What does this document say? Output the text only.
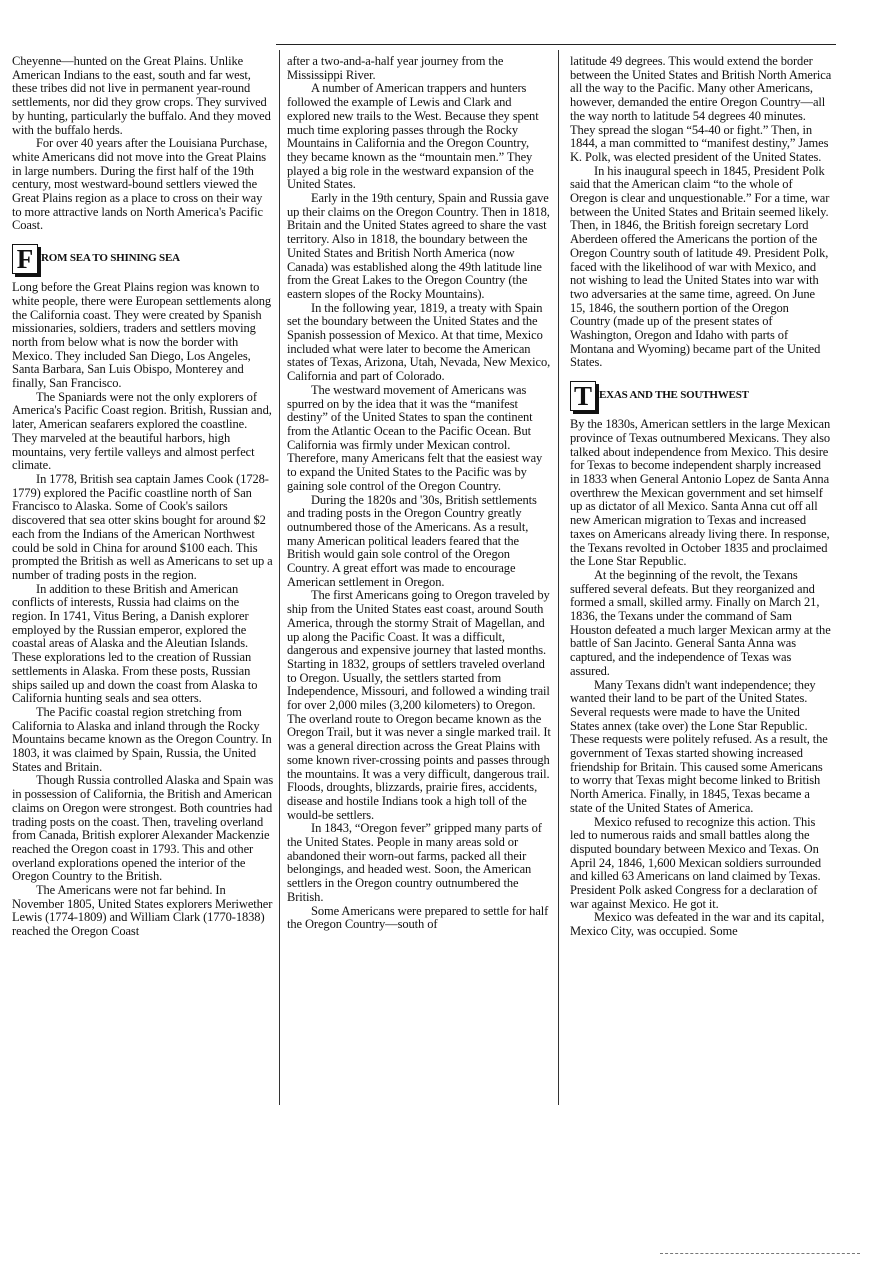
Cheyenne—hunted on the Great Plains. Unlike American Indians to the east, south and far west, these tribes did not live in permanent year-round settlements, nor did they grow crops. They survived by hunting, particularly the buffalo. And they moved with the buffalo herds.

For over 40 years after the Louisiana Purchase, white Americans did not move into the Great Plains in large numbers. During the first half of the 19th century, most westward-bound settlers viewed the Great Plains region as a place to cross on their way to more attractive lands on North America's Pacific Coast.

F ROM SEA TO SHINING SEA

Long before the Great Plains region was known to white people, there were European settlements along the California coast. They were created by Spanish missionaries, soldiers, traders and settlers moving north from below what is now the border with Mexico. They included San Diego, Los Angeles, Santa Barbara, San Luis Obispo, Monterey and finally, San Francisco.

The Spaniards were not the only explorers of America's Pacific Coast region. British, Russian and, later, American seafarers explored the coastline. They marveled at the beautiful harbors, high mountains, very fertile valleys and almost perfect climate.

In 1778, British sea captain James Cook (1728-1779) explored the Pacific coastline north of San Francisco to Alaska. Some of Cook's sailors discovered that sea otter skins bought for around $2 each from the Indians of the American Northwest could be sold in China for around $100 each. This prompted the British as well as Americans to set up a number of trading posts in the region.

In addition to these British and American conflicts of interests, Russia had claims on the region. In 1741, Vitus Bering, a Danish explorer employed by the Russian emperor, explored the coastal areas of Alaska and the Aleutian Islands. These explorations led to the creation of Russian settlements in Alaska. From these posts, Russian ships sailed up and down the coast from Alaska to California hunting seals and sea otters.

The Pacific coastal region stretching from California to Alaska and inland through the Rocky Mountains became known as the Oregon Country. In 1803, it was claimed by Spain, Russia, the United States and Britain.

Though Russia controlled Alaska and Spain was in possession of California, the British and American claims on Oregon were strongest. Both countries had trading posts on the coast. Then, traveling overland from Canada, British explorer Alexander Mackenzie reached the Oregon coast in 1793. This and other overland explorations opened the interior of the Oregon Country to the British.

The Americans were not far behind. In November 1805, United States explorers Meriwether Lewis (1774-1809) and William Clark (1770-1838) reached the Oregon Coast

after a two-and-a-half year journey from the Mississippi River.

A number of American trappers and hunters followed the example of Lewis and Clark and explored new trails to the West. Because they spent much time exploring passes through the Rocky Mountains in California and the Oregon Country, they became known as the “mountain men.” They played a big role in the westward expansion of the United States.

Early in the 19th century, Spain and Russia gave up their claims on the Oregon Country. Then in 1818, Britain and the United States agreed to share the vast territory. Also in 1818, the boundary between the United States and British North America (now Canada) was established along the 49th latitude line from the Great Lakes to the Oregon Country (the eastern slopes of the Rocky Mountains).

In the following year, 1819, a treaty with Spain set the boundary between the United States and the Spanish possession of Mexico. At that time, Mexico included what were later to become the American states of Texas, Arizona, Utah, Nevada, New Mexico, California and part of Colorado.

The westward movement of Americans was spurred on by the idea that it was the “manifest destiny” of the United States to span the continent from the Atlantic Ocean to the Pacific Ocean. But California was firmly under Mexican control. Therefore, many Americans felt that the easiest way to expand the United States to the Pacific was by gaining sole control of the Oregon Country.

During the 1820s and '30s, British settlements and trading posts in the Oregon Country greatly outnumbered those of the Americans. As a result, many American political leaders feared that the British would gain sole control of the Oregon Country. A great effort was made to encourage American settlement in Oregon.

The first Americans going to Oregon traveled by ship from the United States east coast, around South America, through the stormy Strait of Magellan, and up along the Pacific Coast. It was a difficult, dangerous and expensive journey that lasted months. Starting in 1832, groups of settlers traveled overland to Oregon. Usually, the settlers started from Independence, Missouri, and followed a winding trail for over 2,000 miles (3,200 kilometers) to Oregon. The overland route to Oregon became known as the Oregon Trail, but it was never a single marked trail. It was a general direction across the Great Plains with some known river-crossing points and passes through the mountains. It was a very difficult, dangerous trail. Floods, droughts, blizzards, prairie fires, accidents, disease and hostile Indians took a high toll of the would-be settlers.

In 1843, “Oregon fever” gripped many parts of the United States. People in many areas sold or abandoned their worn-out farms, packed all their belongings, and headed west. Soon, the American settlers in the Oregon country outnumbered the British.

Some Americans were prepared to settle for half the Oregon Country—south of

latitude 49 degrees. This would extend the border between the United States and British North America all the way to the Pacific. Many other Americans, however, demanded the entire Oregon Country—all the way north to latitude 54 degrees 40 minutes. They spread the slogan “54-40 or fight.” Then, in 1844, a man committed to “manifest destiny,” James K. Polk, was elected president of the United States.

In his inaugural speech in 1845, President Polk said that the American claim “to the whole of Oregon is clear and unquestionable.” For a time, war between the United States and Britain seemed likely. Then, in 1846, the British foreign secretary Lord Aberdeen offered the Americans the portion of the Oregon Country south of latitude 49. President Polk, faced with the likelihood of war with Mexico, and not wishing to lead the United States into war with two adversaries at the same time, agreed. On June 15, 1846, the southern portion of the Oregon Country (made up of the present states of Washington, Oregon and Idaho with parts of Montana and Wyoming) became part of the United States.

T EXAS AND THE SOUTHWEST

By the 1830s, American settlers in the large Mexican province of Texas outnumbered Mexicans. They also talked about independence from Mexico. This desire for Texas to become independent sharply increased in 1833 when General Antonio Lopez de Santa Anna overthrew the Mexican government and set himself up as dictator of all Mexico. Santa Anna cut off all new American migration to Texas and increased taxes on Americans already living there. In response, the Texans revolted in October 1835 and proclaimed the Lone Star Republic.

At the beginning of the revolt, the Texans suffered several defeats. But they reorganized and formed a small, skilled army. Finally on March 21, 1836, the Texans under the command of Sam Houston defeated a much larger Mexican army at the battle of San Jacinto. General Santa Anna was captured, and the independence of Texas was assured.

Many Texans didn't want independence; they wanted their land to be part of the United States. Several requests were made to have the United States annex (take over) the Lone Star Republic. These requests were politely refused. As a result, the government of Texas started showing increased friendship for Britain. This caused some Americans to worry that Texas might become linked to British North America. Finally, in 1845, Texas became a state of the United States of America.

Mexico refused to recognize this action. This led to numerous raids and small battles along the disputed boundary between Mexico and Texas. On April 24, 1846, 1,600 Mexican soldiers surrounded and killed 63 Americans on land claimed by Texas. President Polk asked Congress for a declaration of war against Mexico. He got it.

Mexico was defeated in the war and its capital, Mexico City, was occupied. Some
